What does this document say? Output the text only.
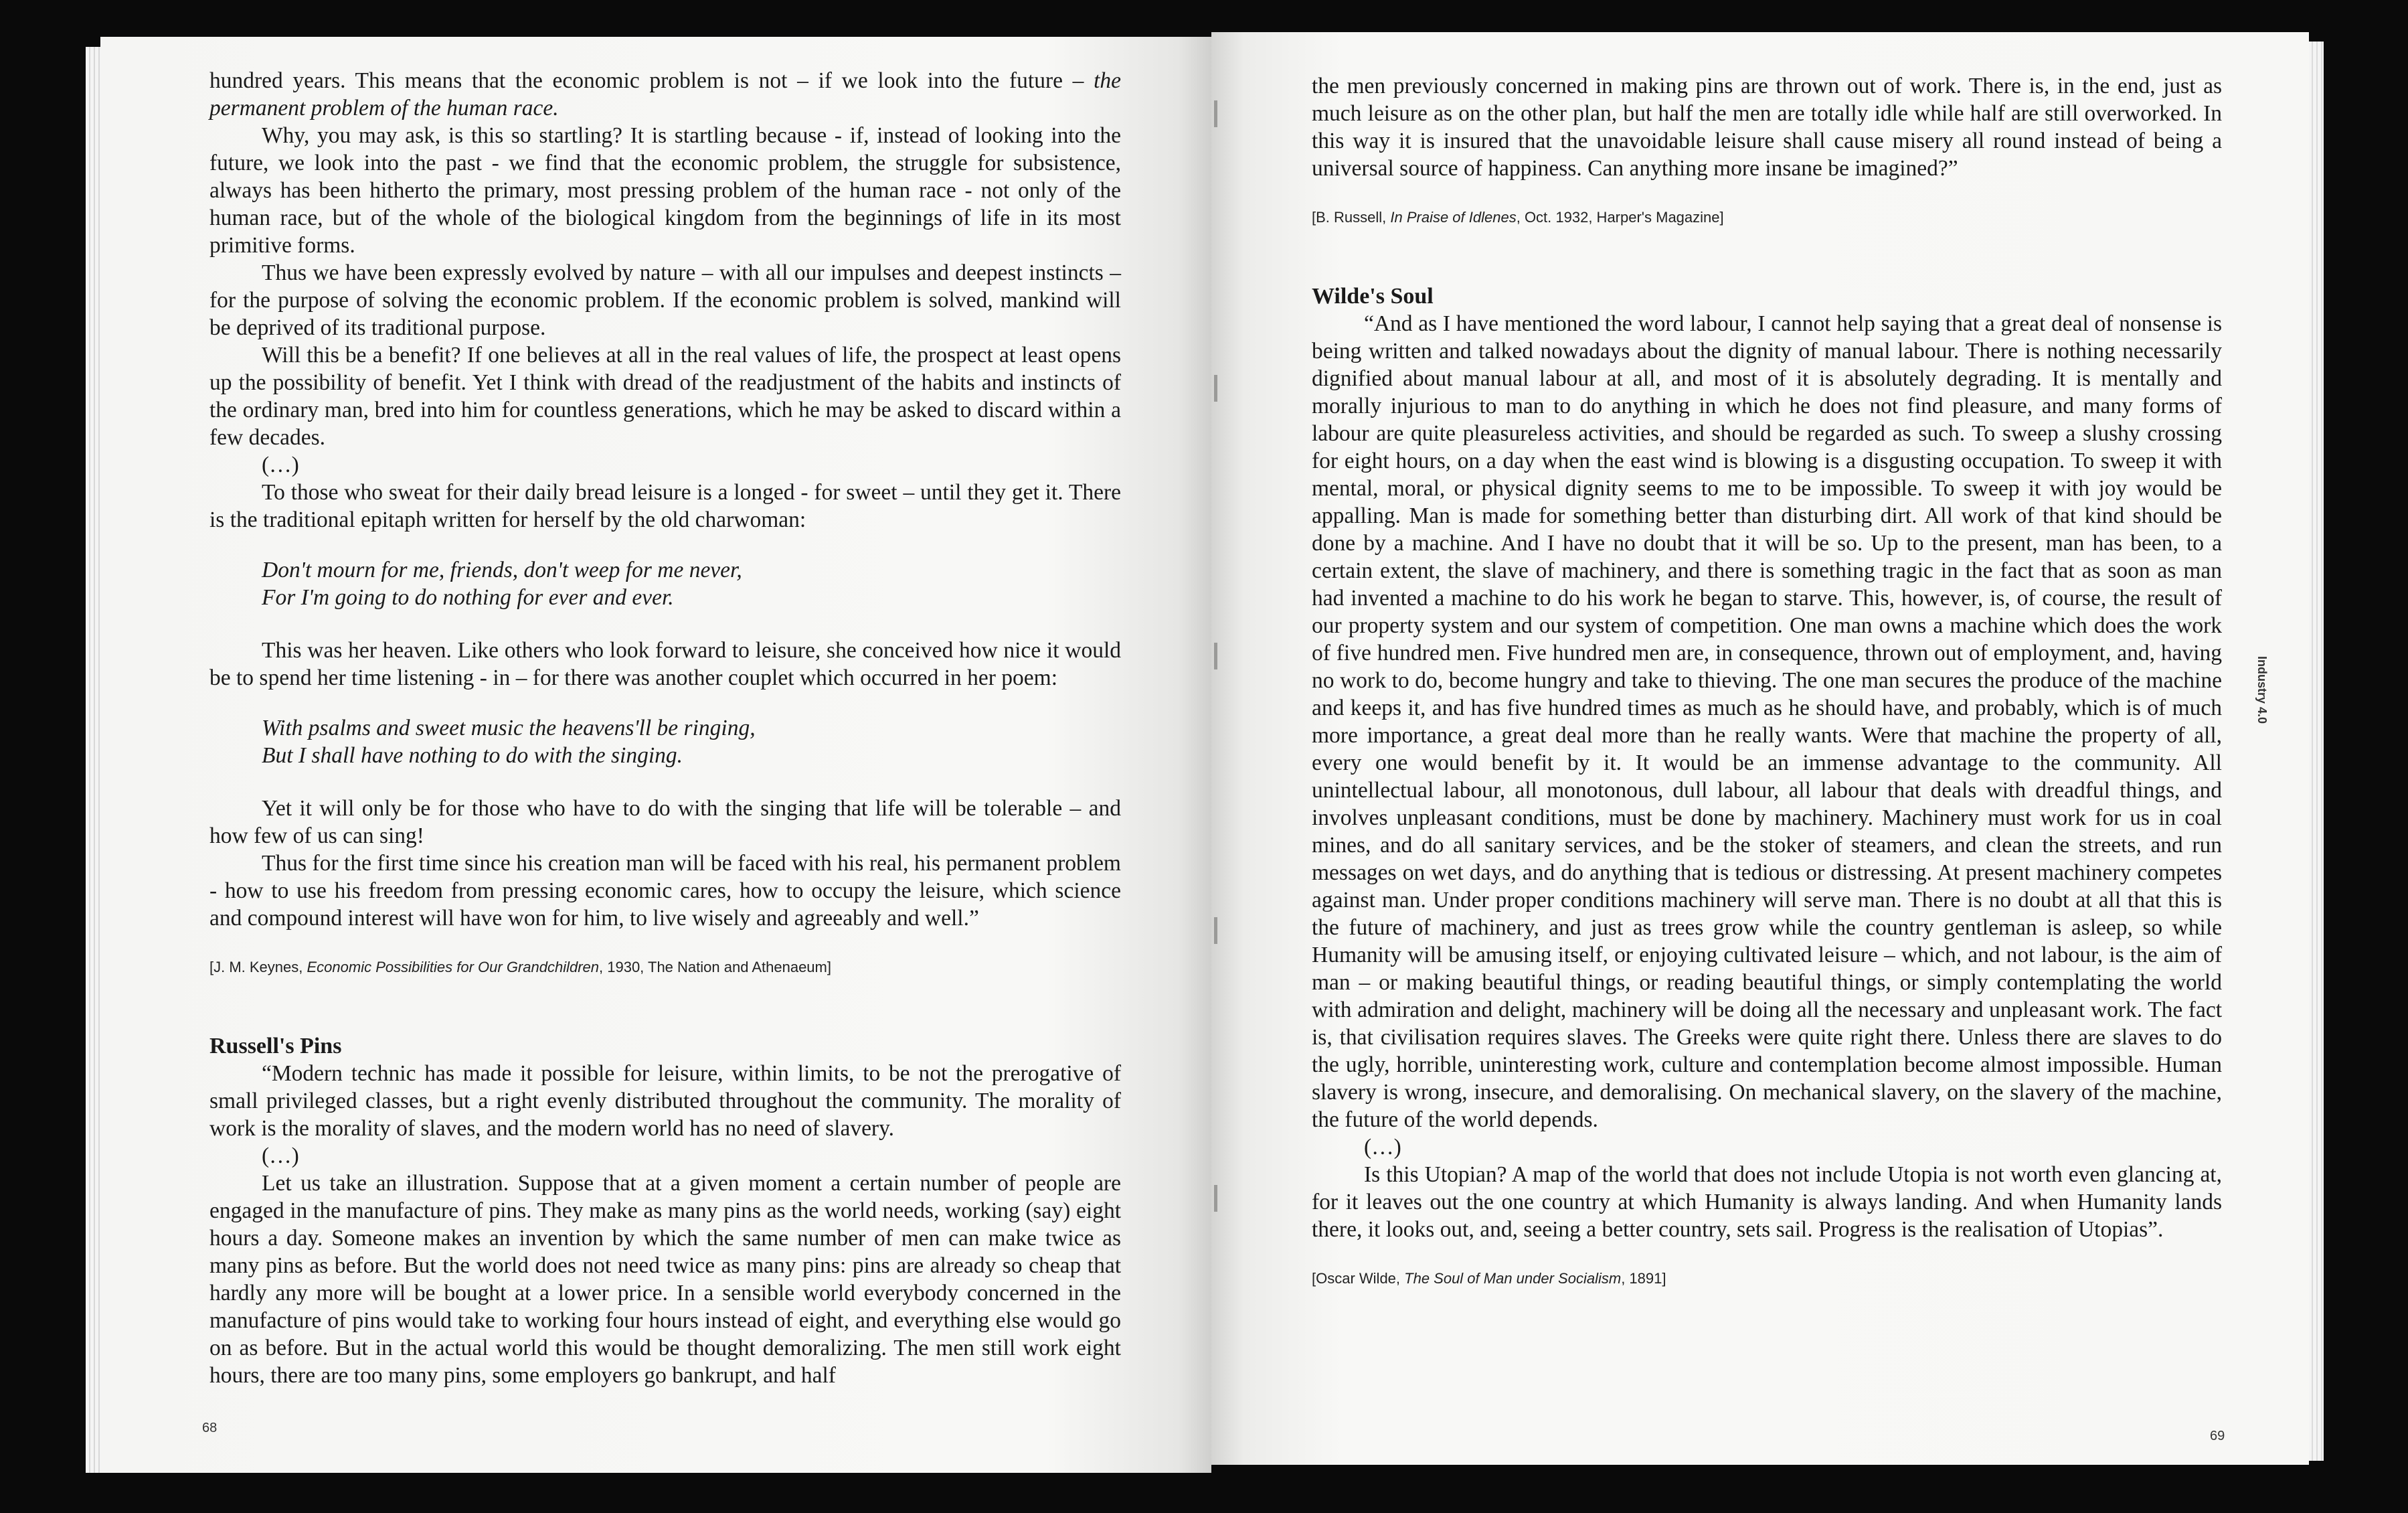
hundred years. This means that the economic problem is not – if we look into the future – the permanent problem of the human race.

Why, you may ask, is this so startling? It is startling because - if, instead of looking into the future, we look into the past - we find that the economic problem, the struggle for subsistence, always has been hitherto the primary, most pressing problem of the human race - not only of the human race, but of the whole of the biological kingdom from the beginnings of life in its most primitive forms.

Thus we have been expressly evolved by nature – with all our impulses and deepest instincts – for the purpose of solving the economic problem. If the economic problem is solved, mankind will be deprived of its traditional purpose.

Will this be a benefit? If one believes at all in the real values of life, the prospect at least opens up the possibility of benefit. Yet I think with dread of the readjustment of the habits and instincts of the ordinary man, bred into him for countless generations, which he may be asked to discard within a few decades.

(…)

To those who sweat for their daily bread leisure is a longed - for sweet – until they get it. There is the traditional epitaph written for herself by the old charwoman:

Don't mourn for me, friends, don't weep for me never,
For I'm going to do nothing for ever and ever.

This was her heaven. Like others who look forward to leisure, she conceived how nice it would be to spend her time listening - in – for there was another couplet which occurred in her poem:

With psalms and sweet music the heavens'll be ringing,
But I shall have nothing to do with the singing.

Yet it will only be for those who have to do with the singing that life will be tolerable – and how few of us can sing!

Thus for the first time since his creation man will be faced with his real, his permanent problem - how to use his freedom from pressing economic cares, how to occupy the leisure, which science and compound interest will have won for him, to live wisely and agreeably and well.”

[J. M. Keynes, Economic Possibilities for Our Grandchildren, 1930, The Nation and Athenaeum]
Russell's Pins

“Modern technic has made it possible for leisure, within limits, to be not the prerogative of small privileged classes, but a right evenly distributed throughout the community. The morality of work is the morality of slaves, and the modern world has no need of slavery.

(…)

Let us take an illustration. Suppose that at a given moment a certain number of people are engaged in the manufacture of pins. They make as many pins as the world needs, working (say) eight hours a day. Someone makes an invention by which the same number of men can make twice as many pins as before. But the world does not need twice as many pins: pins are already so cheap that hardly any more will be bought at a lower price. In a sensible world everybody concerned in the manufacture of pins would take to working four hours instead of eight, and everything else would go on as before. But in the actual world this would be thought demoralizing. The men still work eight hours, there are too many pins, some employers go bankrupt, and half

68

the men previously concerned in making pins are thrown out of work. There is, in the end, just as much leisure as on the other plan, but half the men are totally idle while half are still overworked. In this way it is insured that the unavoidable leisure shall cause misery all round instead of being a universal source of happiness. Can anything more insane be imagined?”

[B. Russell, In Praise of Idlenes, Oct. 1932, Harper's Magazine]
Wilde's Soul

“And as I have mentioned the word labour, I cannot help saying that a great deal of nonsense is being written and talked nowadays about the dignity of manual labour. There is nothing necessarily dignified about manual labour at all, and most of it is absolutely degrading. It is mentally and morally injurious to man to do anything in which he does not find pleasure, and many forms of labour are quite pleasureless activities, and should be regarded as such. To sweep a slushy crossing for eight hours, on a day when the east wind is blowing is a disgusting occupation. To sweep it with mental, moral, or physical dignity seems to me to be impossible. To sweep it with joy would be appalling. Man is made for something better than disturbing dirt. All work of that kind should be done by a machine. And I have no doubt that it will be so. Up to the present, man has been, to a certain extent, the slave of machinery, and there is something tragic in the fact that as soon as man had invented a machine to do his work he began to starve. This, however, is, of course, the result of our property system and our system of competition. One man owns a machine which does the work of five hundred men. Five hundred men are, in consequence, thrown out of employment, and, having no work to do, become hungry and take to thieving. The one man secures the produce of the machine and keeps it, and has five hundred times as much as he should have, and probably, which is of much more importance, a great deal more than he really wants. Were that machine the property of all, every one would benefit by it. It would be an immense advantage to the community. All unintellectual labour, all monotonous, dull labour, all labour that deals with dreadful things, and involves unpleasant conditions, must be done by machinery. Machinery must work for us in coal mines, and do all sanitary services, and be the stoker of steamers, and clean the streets, and run messages on wet days, and do anything that is tedious or distressing. At present machinery competes against man. Under proper conditions machinery will serve man. There is no doubt at all that this is the future of machinery, and just as trees grow while the country gentleman is asleep, so while Humanity will be amusing itself, or enjoying cultivated leisure – which, and not labour, is the aim of man – or making beautiful things, or reading beautiful things, or simply contemplating the world with admiration and delight, machinery will be doing all the necessary and unpleasant work. The fact is, that civilisation requires slaves. The Greeks were quite right there. Unless there are slaves to do the ugly, horrible, uninteresting work, culture and contemplation become almost impossible. Human slavery is wrong, insecure, and demoralising. On mechanical slavery, on the slavery of the machine, the future of the world depends.

(…)

Is this Utopian? A map of the world that does not include Utopia is not worth even glancing at, for it leaves out the one country at which Humanity is always landing. And when Humanity lands there, it looks out, and, seeing a better country, sets sail. Progress is the realisation of Utopias”.

[Oscar Wilde, The Soul of Man under Socialism, 1891]
Industry 4.0
69
